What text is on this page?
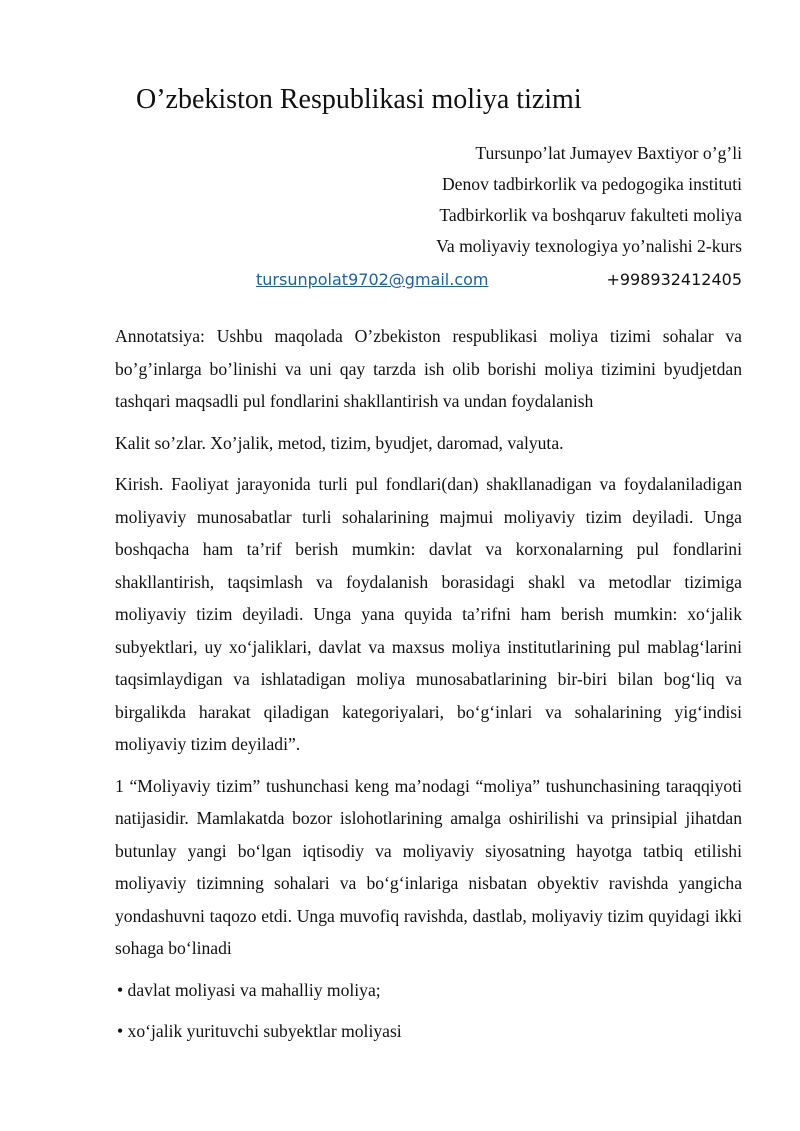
O’zbekiston Respublikasi moliya tizimi
Tursunpo’lat Jumayev Baxtiyor o’g’li
Denov tadbirkorlik va pedogogika instituti
Tadbirkorlik va boshqaruv fakulteti moliya
Va moliyaviy texnologiya yo’nalishi 2-kurs
tursunpolat9702@gmail.com	+998932412405

Annotatsiya: Ushbu maqolada O’zbekiston respublikasi moliya tizimi sohalar va bo’g’inlarga bo’linishi va uni qay tarzda ish olib borishi moliya tizimini byudjetdan tashqari maqsadli pul fondlarini shakllantirish va undan foydalanish

Kalit so’zlar. Xo’jalik, metod, tizim, byudjet, daromad, valyuta.

Kirish. Faoliyat jarayonida turli pul fondlari(dan) shakllanadigan va foydalaniladigan moliyaviy munosabatlar turli sohalarining majmui moliyaviy tizim deyiladi. Unga boshqacha ham ta’rif berish mumkin: davlat va korxonalarning pul fondlarini shakllantirish, taqsimlash va foydalanish borasidagi shakl va metodlar tizimiga moliyaviy tizim deyiladi. Unga yana quyida ta’rifni ham berish mumkin: xo‘jalik subyektlari, uy xo‘jaliklari, davlat va maxsus moliya institutlarining pul mablag‘larini taqsimlaydigan va ishlatadigan moliya munosabatlarining bir-biri bilan bog‘liq va birgalikda harakat qiladigan kategoriyalari, bo‘g‘inlari va sohalarining yig‘indisi moliyaviy tizim deyiladi”.

1 “Moliyaviy tizim” tushunchasi keng ma’nodagi “moliya” tushunchasining taraqqiyoti natijasidir. Mamlakatda bozor islohotlarining amalga oshirilishi va prinsipial jihatdan butunlay yangi bo‘lgan iqtisodiy va moliyaviy siyosatning hayotga tatbiq etilishi moliyaviy tizimning sohalari va bo‘g‘inlariga nisbatan obyektiv ravishda yangicha yondashuvni taqozo etdi. Unga muvofiq ravishda, dastlab, moliyaviy tizim quyidagi ikki sohaga bo‘linadi

• davlat moliyasi va mahalliy moliya;
• xo‘jalik yurituvchi subyektlar moliyasi
